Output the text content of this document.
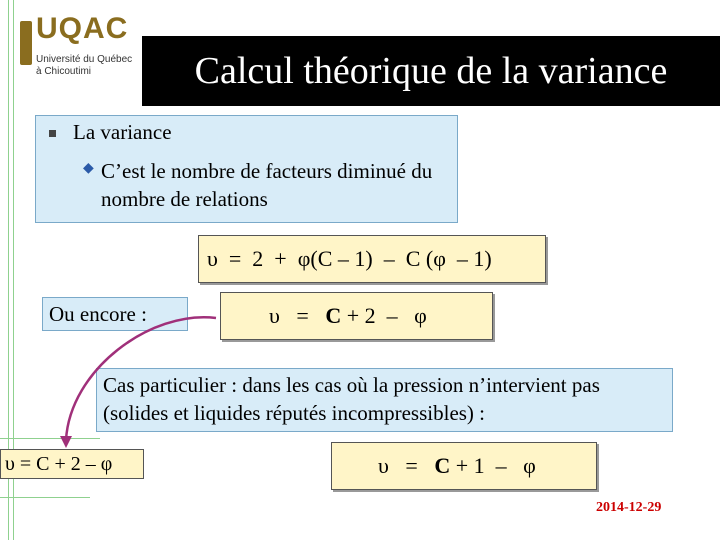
UQAC
Université du Québec
à Chicoutimi	Calcul théorique de la variance
La variance
◆ C’est le nombre de facteurs diminué du nombre de relations
υ  =  2  +  φ(C – 1)  –  C (φ  – 1)
Ou encore :	υ   = C + 2  –   φ
Cas particulier : dans les cas où la pression n’intervient pas (solides et liquides réputés incompressibles) :
υ = C + 2 – φ	υ   = C + 1  –   φ
2014-12-29
